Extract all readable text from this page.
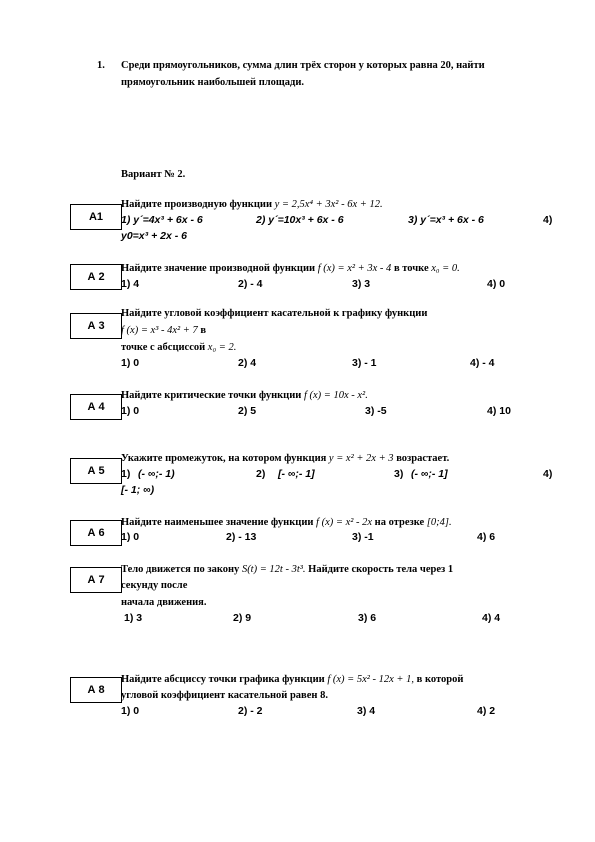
1. Среди прямоугольников, сумма длин трёх сторон у которых равна 20, найти
прямоугольник наибольшей площади.
Вариант № 2.
А1
Найдите производную функции y = 2,5x⁴ + 3x² - 6x + 12.
1) y´=4x³ + 6x - 6	2) y´=10x³ + 6x - 6	3) y´=x³ + 6x - 6	4)
y0=x³ + 2x - 6
А 2
Найдите значение производной функции f (x) = x² + 3x - 4 в точке x₀ = 0.
1) 4	2) - 4	3) 3	4) 0
А 3
Найдите угловой коэффициент касательной к графику функции
f (x) = x³ - 4x² + 7 в
точке с абсциссой x₀ = 2.
1) 0	2) 4	3) - 1	4) - 4
А 4
Найдите критические точки функции f (x) = 10x - x².
1) 0	2) 5	3) -5	4) 10
А 5
Укажите промежуток, на котором функция y = x² + 2x + 3 возрастает.
1) (- ∞;- 1)	2) [- ∞;- 1]	3) (- ∞;- 1]	4)
[- 1; ∞)
А 6
Найдите наименьшее значение функции f (x) = x² - 2x на отрезке [0;4].
1) 0	2) - 13	3) -1	4) 6
А 7
Тело движется по закону S(t) = 12t - 3t³. Найдите скорость тела через 1
секунду после
начала движения.
1) 3	2) 9	3) 6	4) 4
А 8
Найдите абсциссу точки графика функции f (x) = 5x² - 12x + 1, в которой
угловой коэффициент касательной равен 8.
1) 0	2) - 2	3) 4	4) 2
